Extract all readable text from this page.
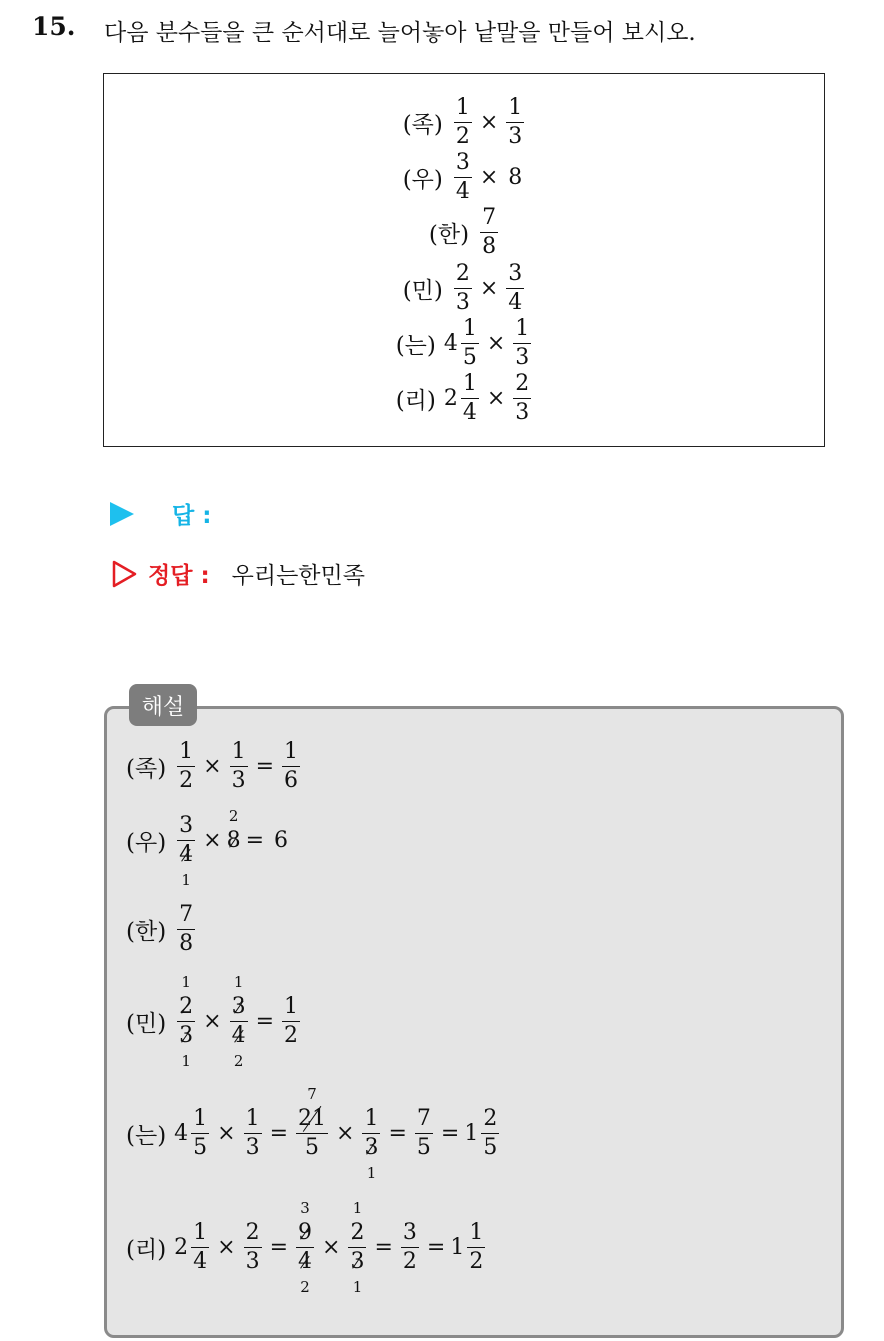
15. 다음 분수들을 큰 순서대로 늘어놓아 낱말을 만들어 보시오.
(족) $\frac{1}{2} \times \frac{1}{3}$
(우) $\frac{3}{4} \times 8$
(한) $\frac{7}{8}$
(민) $\frac{2}{3} \times \frac{3}{4}$
(는) $4 \frac{1}{5} \times \frac{1}{3}$
(리) $2 \frac{1}{4} \times \frac{2}{3}$
답 :
정답 : 우리는한민족
해설
(족) $\frac{1}{2} \times \frac{1}{3} = \frac{1}{6}$
(우) 3
4
1 × 8
2
= 6
(한) $\frac{7}{8}$
(민) 2
1
3
1 × 3
1
4
$2 = \frac{1}{2}$
(는) $4 \frac{1}{5} \times \frac{1}{3} = 21$
7
5 × 1
3
$1 = \frac{7}{5} = 1 \frac{2}{5}$
(리) $2 \frac{1}{4} \times \frac{2}{3} = 9$
3
4
2 × 2
1
3
$1 = \frac{3}{2} = 1 \frac{1}{2}$
